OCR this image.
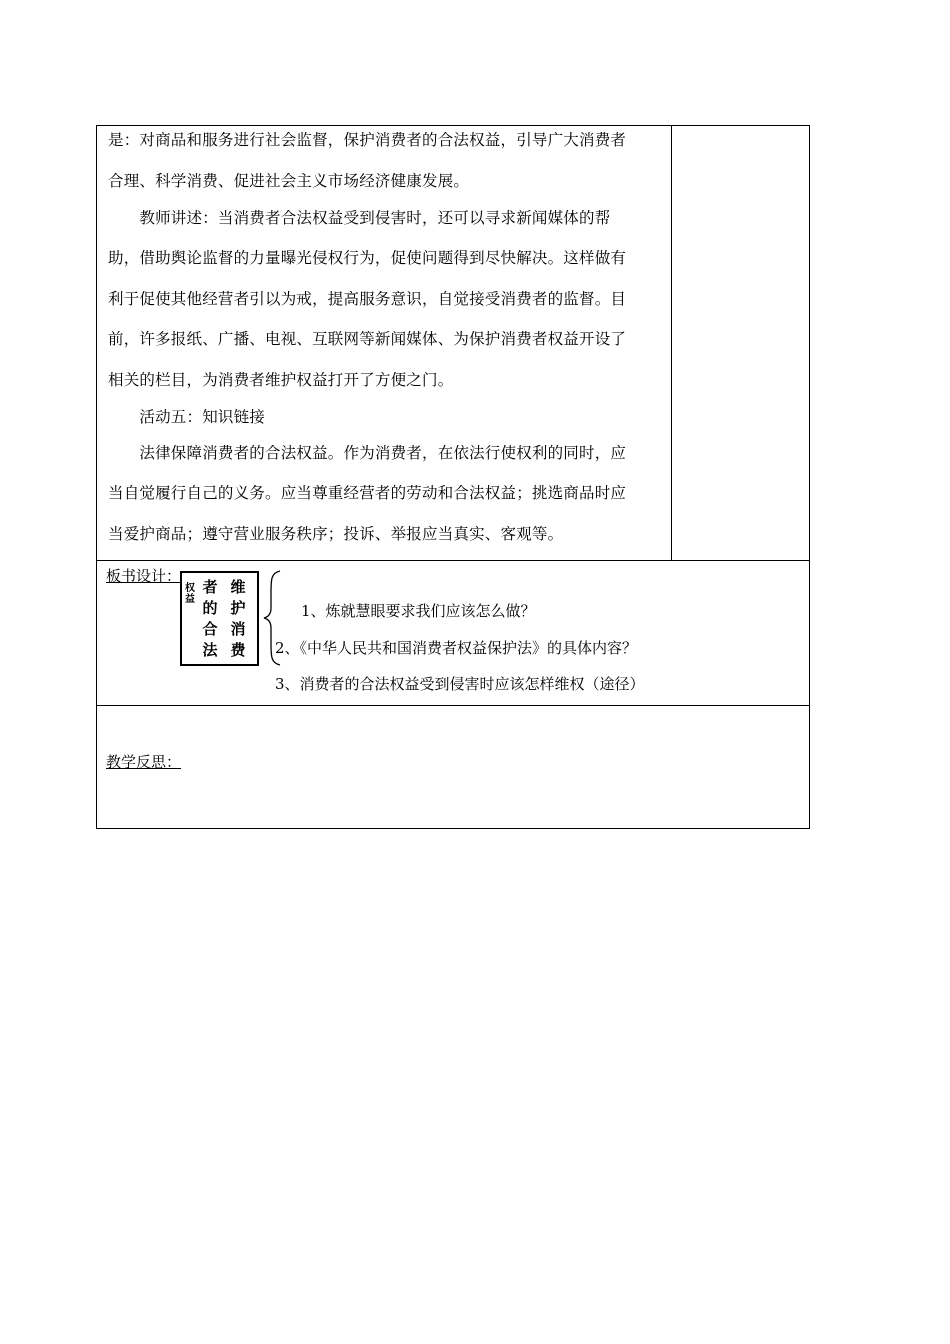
是：对商品和服务进行社会监督，保护消费者的合法权益，引导广大消费者
合理、科学消费、促进社会主义市场经济健康发展。
　　教师讲述：当消费者合法权益受到侵害时，还可以寻求新闻媒体的帮
助，借助舆论监督的力量曝光侵权行为，促使问题得到尽快解决。这样做有
利于促使其他经营者引以为戒，提高服务意识，自觉接受消费者的监督。目
前，许多报纸、广播、电视、互联网等新闻媒体、为保护消费者权益开设了
相关的栏目，为消费者维护权益打开了方便之门。
　　活动五：知识链接
　　法律保障消费者的合法权益。作为消费者，在依法行使权利的同时，应
当自觉履行自己的义务。应当尊重经营者的劳动和合法权益；挑选商品时应
当爱护商品；遵守营业服务秩序；投诉、举报应当真实、客观等。
板书设计：
权益
者
的
合
法
维
护
消
费
1、炼就慧眼要求我们应该怎么做？
2、《中华人民共和国消费者权益保护法》的具体内容？
3、消费者的合法权益受到侵害时应该怎样维权（途径）
教学反思：
